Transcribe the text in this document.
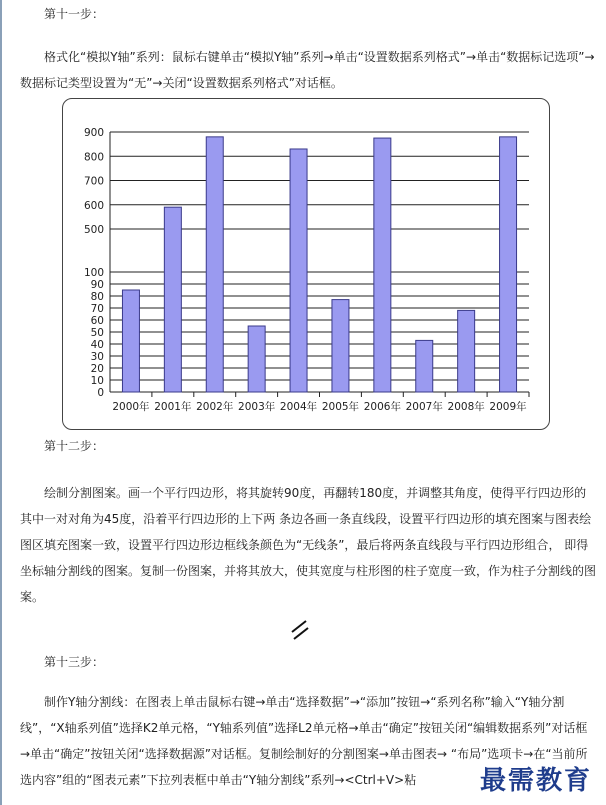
第十一步：

格式化“模拟Y轴”系列：鼠标右键单击“模拟Y轴”系列→单击“设置数据系列格式”→单击“数据标记选项”→数据标记类型设置为“无”→关闭“设置数据系列格式”对话框。

0
10
20
30
40
50
60
70
80
90
100
500
600
700
800
900
2000年 2001年 2002年 2003年 2004年 2005年 2006年 2007年 2008年 2009年

第十二步：

绘制分割图案。画一个平行四边形，将其旋转90度，再翻转180度，并调整其角度，使得平行四边形的其中一对对角为45度，沿着平行四边形的上下两 条边各画一条直线段，设置平行四边形的填充图案与图表绘图区填充图案一致，设置平行四边形边框线条颜色为“无线条”，最后将两条直线段与平行四边形组合， 即得坐标轴分割线的图案。复制一份图案，并将其放大，使其宽度与柱形图的柱子宽度一致，作为柱子分割线的图案。

第十三步：

制作Y轴分割线：在图表上单击鼠标右键→单击“选择数据”→“添加”按钮→“系列名称”输入“Y轴分割线”，“X轴系列值”选择K2单元格，“Y轴系列值”选择L2单元格→单击“确定”按钮关闭“编辑数据系列”对话框→单击“确定”按钮关闭“选择数据源”对话框。复制绘制好的分割图案→单击图表→ “布局”选项卡→在“当前所选内容”组的“图表元素”下拉列表框中单击“Y轴分割线”系列→<Ctrl+V>粘	最需教育
